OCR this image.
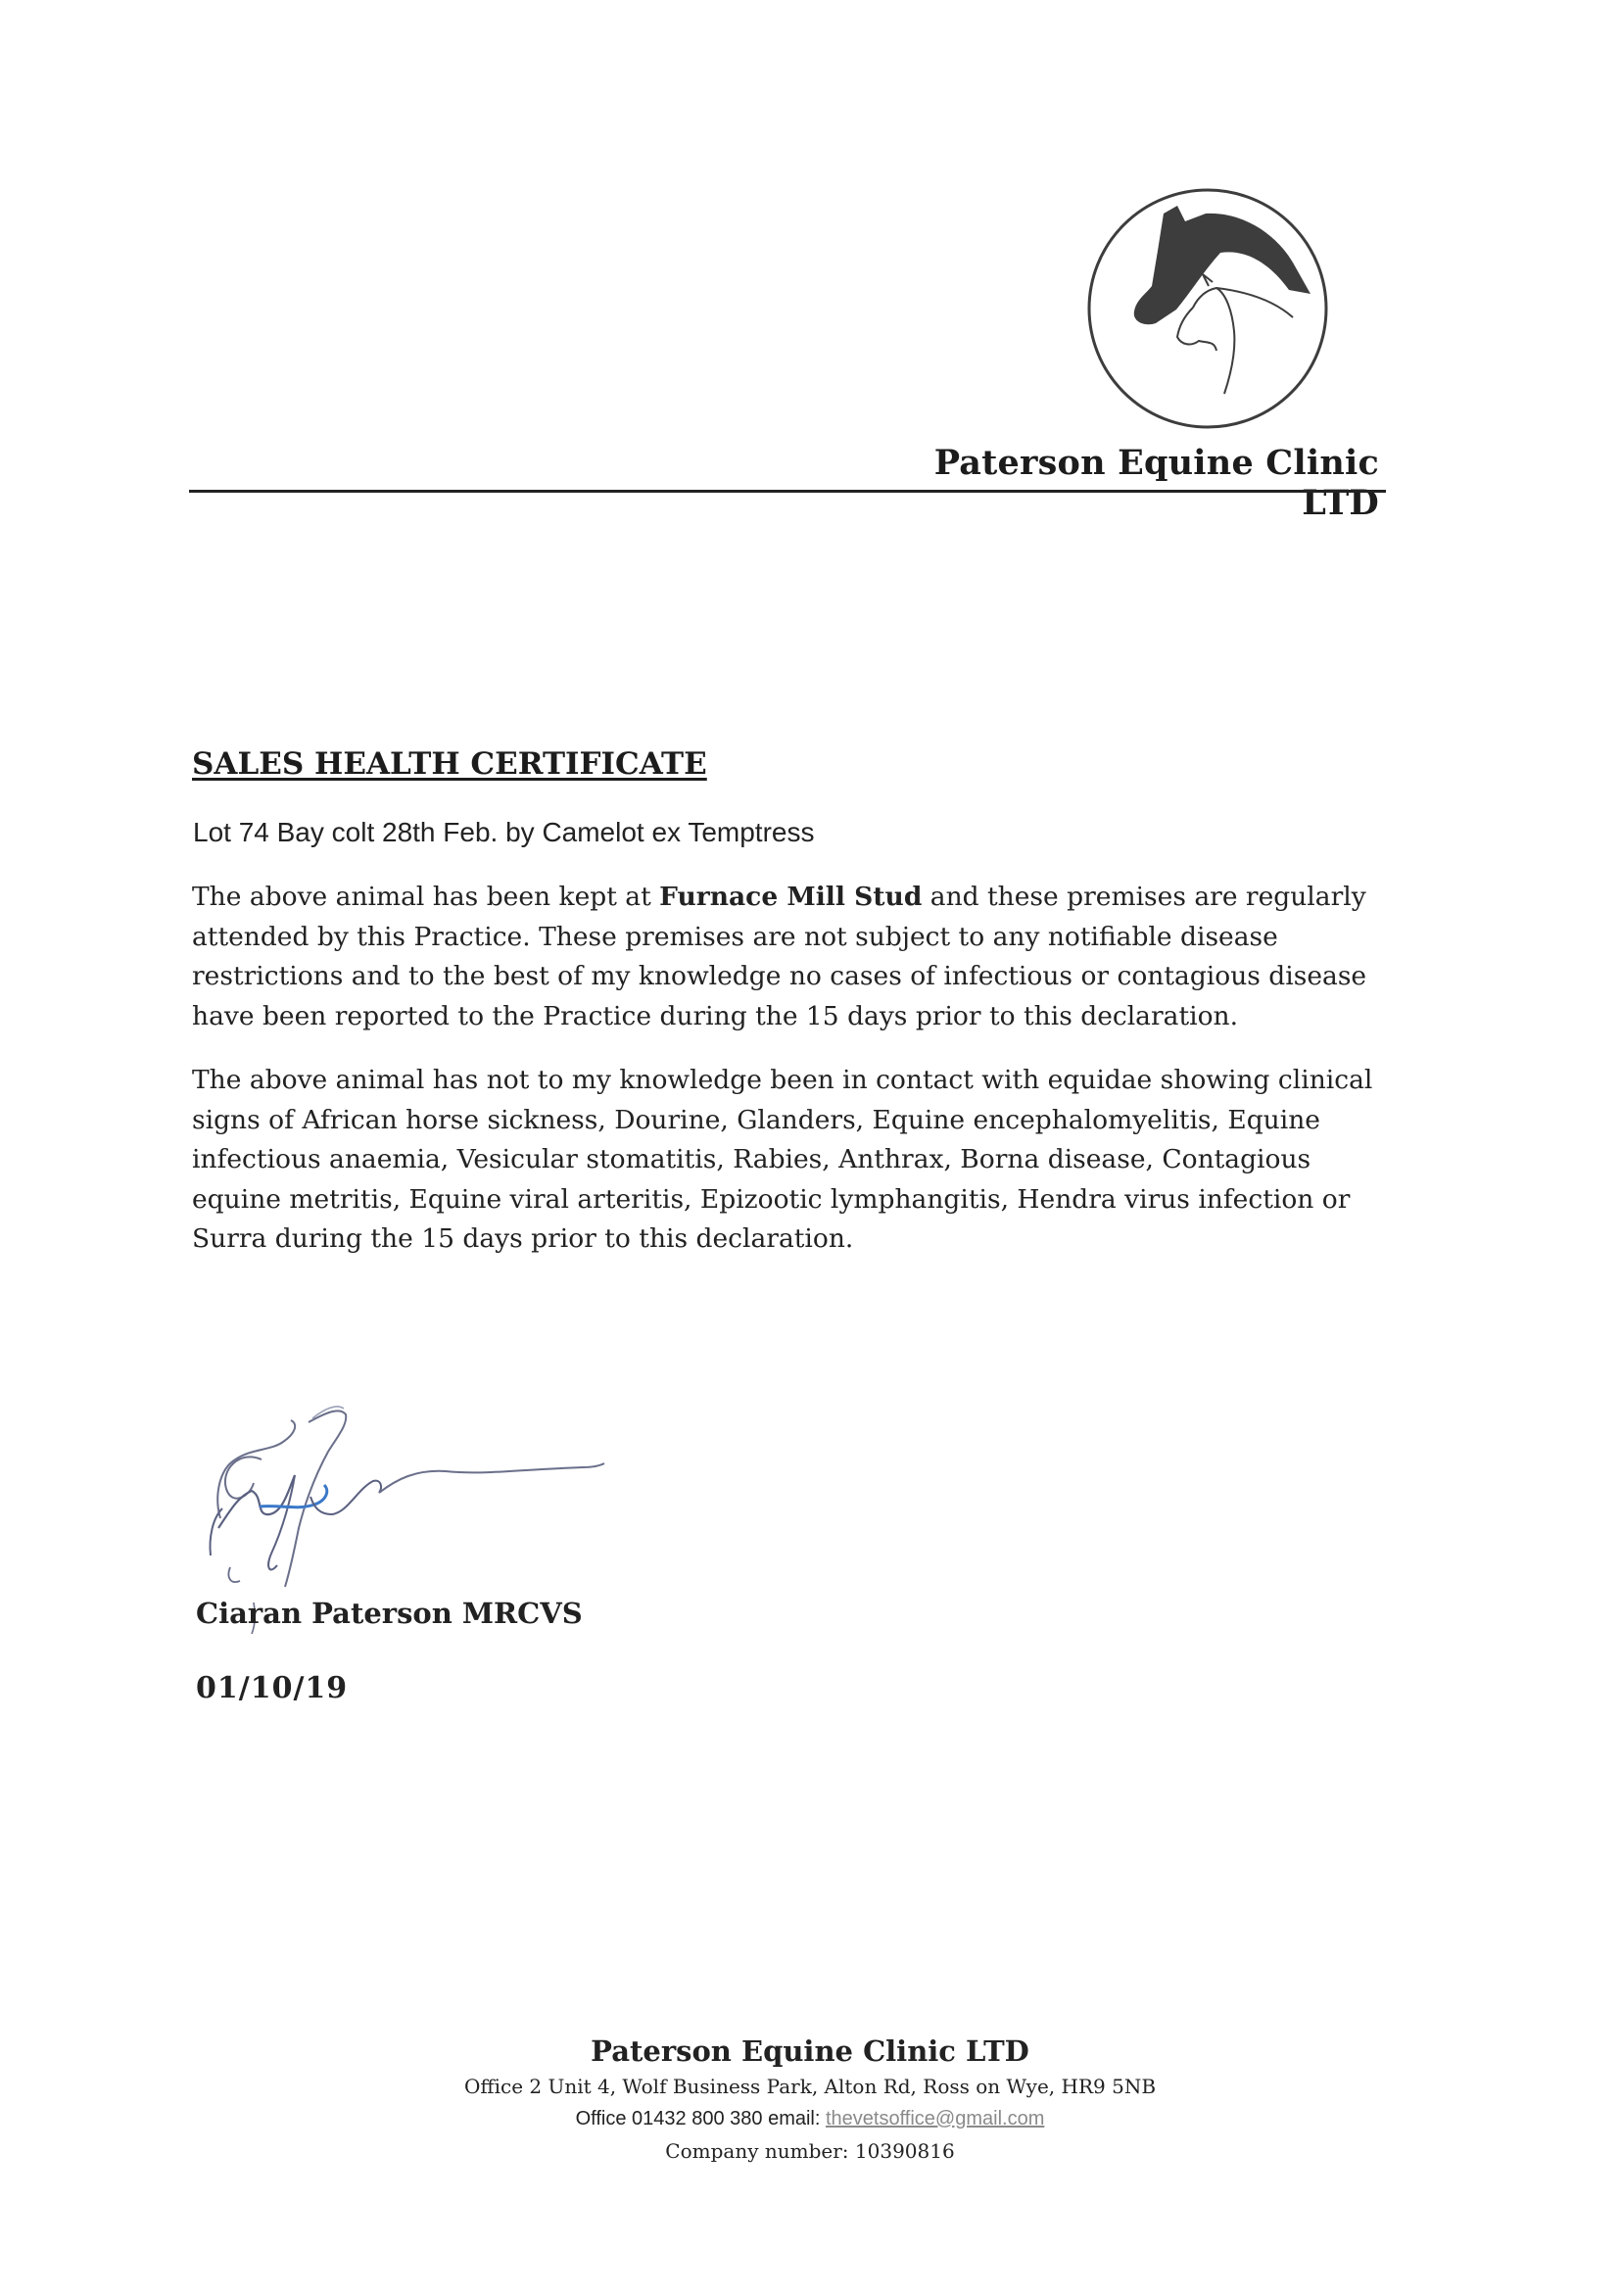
Paterson Equine Clinic LTD
SALES HEALTH CERTIFICATE
Lot 74 Bay colt 28th Feb. by Camelot ex Temptress

The above animal has been kept at Furnace Mill Stud and these premises are regularly attended by this Practice. These premises are not subject to any notifiable disease restrictions and to the best of my knowledge no cases of infectious or contagious disease have been reported to the Practice during the 15 days prior to this declaration.

The above animal has not to my knowledge been in contact with equidae showing clinical signs of African horse sickness, Dourine, Glanders, Equine encephalomyelitis, Equine infectious anaemia, Vesicular stomatitis, Rabies, Anthrax, Borna disease, Contagious equine metritis, Equine viral arteritis, Epizootic lymphangitis, Hendra virus infection or Surra during the 15 days prior to this declaration.

Ciaran Paterson MRCVS
01/10/19
Paterson Equine Clinic LTD
Office 2 Unit 4, Wolf Business Park, Alton Rd, Ross on Wye, HR9 5NB
Office 01432 800 380 email: thevetsoffice@gmail.com
Company number: 10390816
